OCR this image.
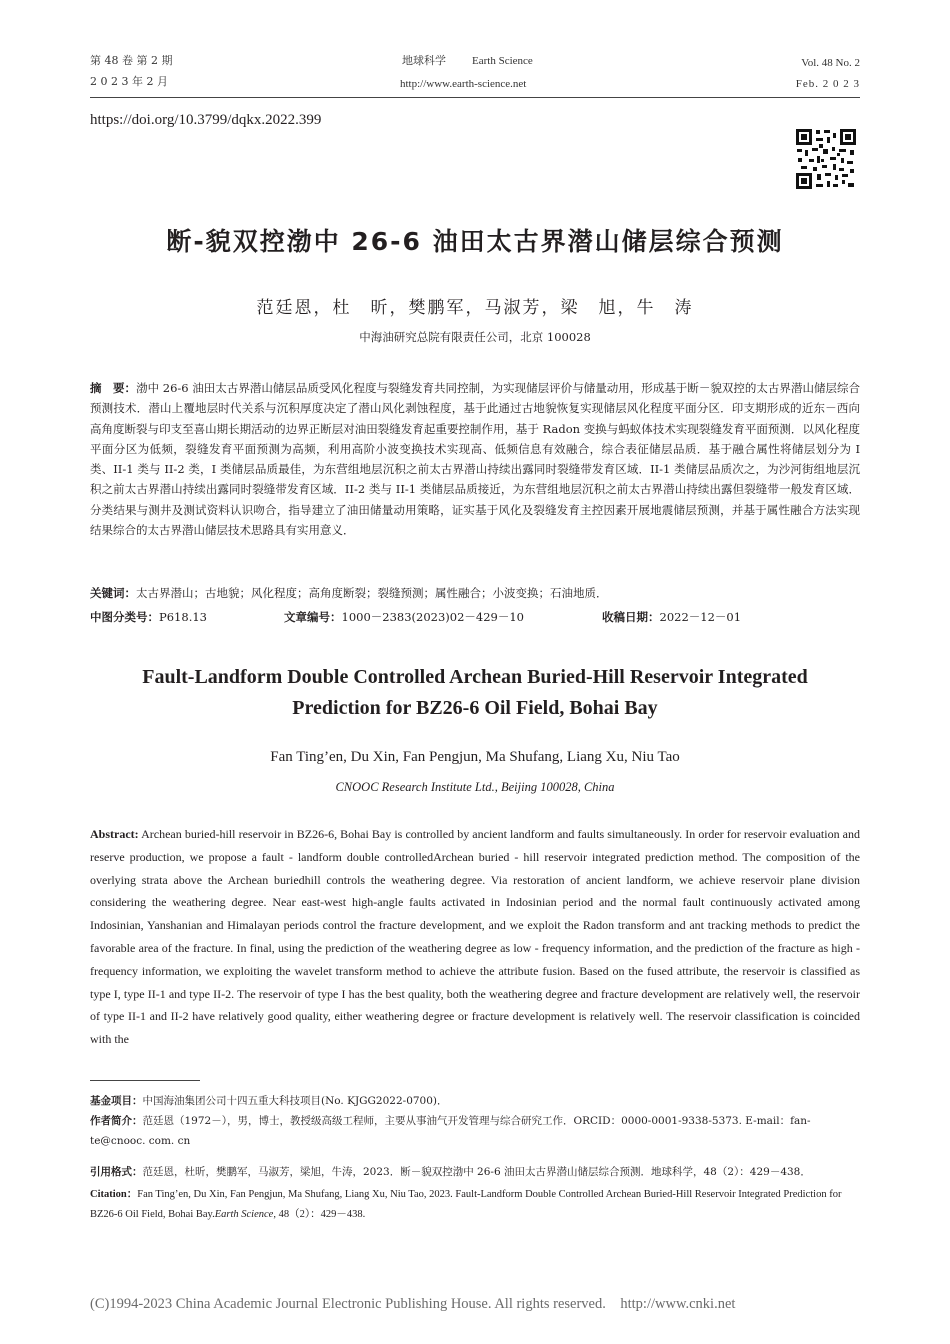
第 48 卷 第 2 期
2 0 2 3 年 2 月
地球科学 Earth Science
http://www.earth-science.net
Vol. 48 No. 2
Feb. 2 0 2 3
https://doi.org/10.3799/dqkx.2022.399
断-貌双控渤中 26-6 油田太古界潜山储层综合预测
范廷恩，杜　昕，樊鹏军，马淑芳，梁　旭，牛　涛
中海油研究总院有限责任公司，北京 100028
摘　要：渤中 26-6 油田太古界潜山储层品质受风化程度与裂缝发育共同控制，为实现储层评价与储量动用，形成基于断－貌双控的太古界潜山储层综合预测技术．潜山上覆地层时代关系与沉积厚度决定了潜山风化剥蚀程度，基于此通过古地貌恢复实现储层风化程度平面分区．印支期形成的近东－西向高角度断裂与印支至喜山期长期活动的边界正断层对油田裂缝发育起重要控制作用，基于 Radon 变换与蚂蚁体技术实现裂缝发育平面预测．以风化程度平面分区为低频，裂缝发育平面预测为高频，利用高阶小波变换技术实现高、低频信息有效融合，综合表征储层品质．基于融合属性将储层划分为 I 类、II-1 类与 II-2 类，I 类储层品质最佳，为东营组地层沉积之前太古界潜山持续出露同时裂缝带发育区域．II-1 类储层品质次之，为沙河街组地层沉积之前太古界潜山持续出露同时裂缝带发育区域．II-2 类与 II-1 类储层品质接近，为东营组地层沉积之前太古界潜山持续出露但裂缝带一般发育区域．分类结果与测井及测试资料认识吻合，指导建立了油田储量动用策略，证实基于风化及裂缝发育主控因素开展地震储层预测，并基于属性融合方法实现结果综合的太古界潜山储层技术思路具有实用意义．
关键词：太古界潜山；古地貌；风化程度；高角度断裂；裂缝预测；属性融合；小波变换；石油地质．
中图分类号：P618.13	文章编号：1000－2383(2023)02－429－10	收稿日期：2022－12－01
Fault-Landform Double Controlled Archean Buried-Hill Reservoir Integrated
Prediction for BZ26-6 Oil Field, Bohai Bay
Fan Ting’en, Du Xin, Fan Pengjun, Ma Shufang, Liang Xu, Niu Tao
CNOOC Research Institute Ltd., Beijing 100028, China
Abstract: Archean buried-hill reservoir in BZ26-6, Bohai Bay is controlled by ancient landform and faults simultaneously. In order for reservoir evaluation and reserve production, we propose a fault - landform double controlledArchean buried - hill reservoir integrated prediction method. The composition of the overlying strata above the Archean buriedhill controls the weathering degree. Via restoration of ancient landform, we achieve reservoir plane division considering the weathering degree. Near east-west high-angle faults activated in Indosinian period and the normal fault continuously activated among Indosinian, Yanshanian and Himalayan periods control the fracture development, and we exploit the Radon transform and ant tracking methods to predict the favorable area of the fracture. In final, using the prediction of the weathering degree as low - frequency information, and the prediction of the fracture as high - frequency information, we exploiting the wavelet transform method to achieve the attribute fusion. Based on the fused attribute, the reservoir is classified as type I, type II-1 and type II-2. The reservoir of type I has the best quality, both the weathering degree and fracture development are relatively well, the reservoir of type II-1 and II-2 have relatively good quality, either weathering degree or fracture development is relatively well. The reservoir classification is coincided with the
基金项目：中国海油集团公司十四五重大科技项目(No. KJGG2022-0700)．
作者简介：范廷恩（1972－），男，博士，教授级高级工程师，主要从事油气开发管理与综合研究工作．ORCID：0000-0001-9338-5373. E-mail：fan-te@cnooc. com. cn
引用格式：范廷恩，杜昕，樊鹏军，马淑芳，梁旭，牛涛，2023．断－貌双控渤中 26-6 油田太古界潜山储层综合预测．地球科学，48（2）：429－438．
Citation：Fan Ting’en, Du Xin, Fan Pengjun, Ma Shufang, Liang Xu, Niu Tao, 2023. Fault-Landform Double Controlled Archean Buried-Hill Reservoir Integrated Prediction for BZ26-6 Oil Field, Bohai Bay.Earth Science, 48（2）：429－438.
(C)1994-2023 China Academic Journal Electronic Publishing House. All rights reserved.    http://www.cnki.net
